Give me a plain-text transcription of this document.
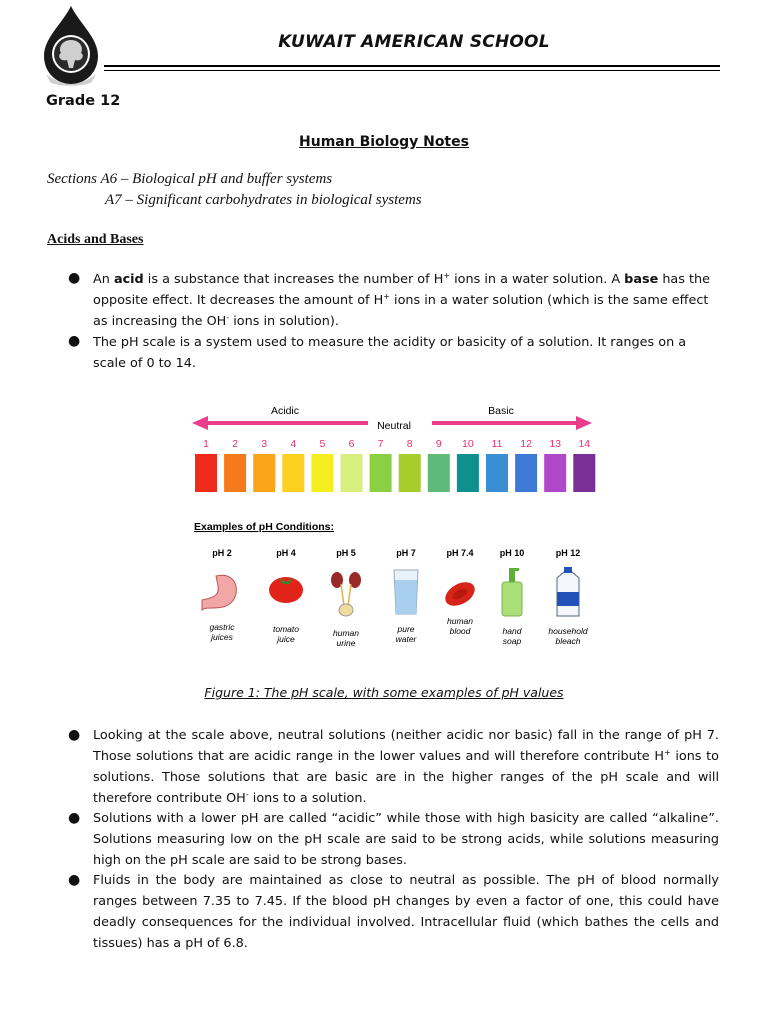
KUWAIT AMERICAN SCHOOL
Grade 12
Human Biology Notes
Sections A6 – Biological pH and buffer systems
A7 – Significant carbohydrates in biological systems
Acids and Bases
● An acid is a substance that increases the number of H+ ions in a water solution. A base has the opposite effect. It decreases the amount of H+ ions in a water solution (which is the same effect as increasing the OH- ions in solution).
● The pH scale is a system used to measure the acidity or basicity of a solution. It ranges on a scale of 0 to 14.
Acidic
Neutral
Basic
1 2 3 4 5 6 7 8 9 10 11 12 13 14
Examples of pH Conditions:
pH 2
gastric
juices
pH 4
tomato
juice
pH 5
human
urine
pH 7
pure
water
pH 7.4
human
blood
pH 10
hand
soap
pH 12
household
bleach
Figure 1: The pH scale, with some examples of pH values
● Looking at the scale above, neutral solutions (neither acidic nor basic) fall in the range of pH 7. Those solutions that are acidic range in the lower values and will therefore contribute H+ ions to solutions. Those solutions that are basic are in the higher ranges of the pH scale and will therefore contribute OH- ions to a solution.
● Solutions with a lower pH are called “acidic” while those with high basicity are called “alkaline”. Solutions measuring low on the pH scale are said to be strong acids, while solutions measuring high on the pH scale are said to be strong bases.
● Fluids in the body are maintained as close to neutral as possible. The pH of blood normally ranges between 7.35 to 7.45. If the blood pH changes by even a factor of one, this could have deadly consequences for the individual involved. Intracellular fluid (which bathes the cells and tissues) has a pH of 6.8.
